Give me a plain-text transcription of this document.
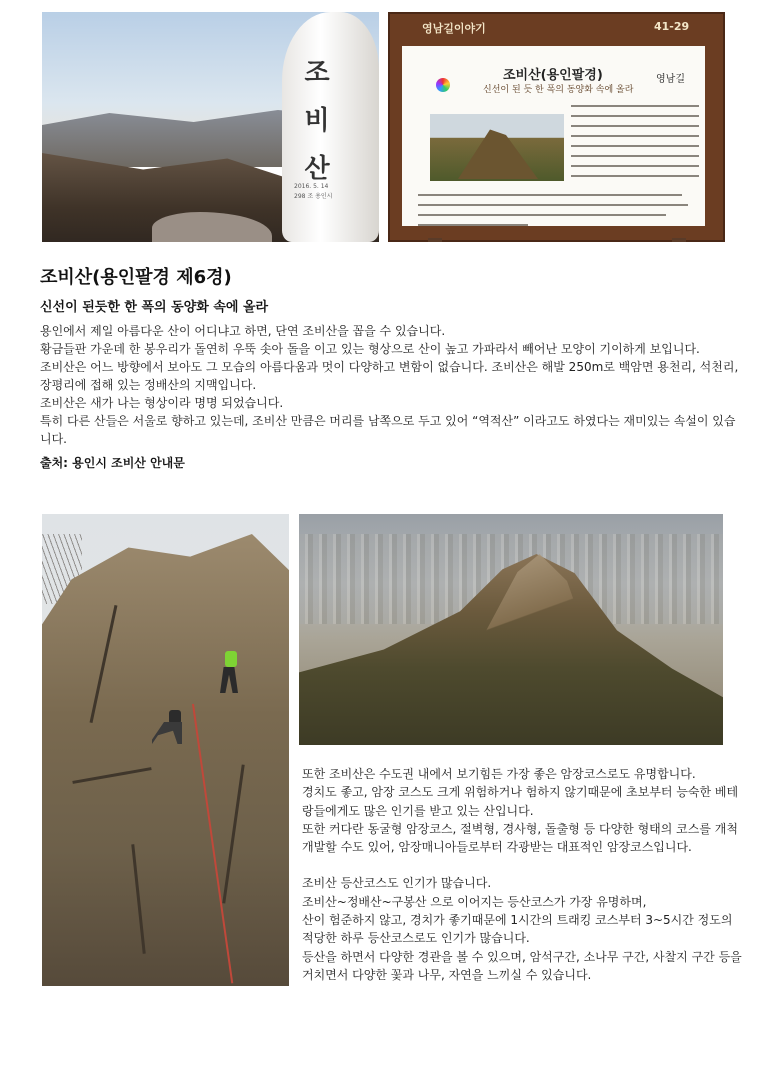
조
비
산
2016. 5. 14
298 조 용인시
영남길이야기	41-29
조비산(용인팔경)
신선이 된 듯 한 폭의 동양화 속에 올라
영남길
조비산(용인팔경 제6경)
신선이 된듯한 한 폭의 동양화 속에 올라

용인에서 제일 아름다운 산이 어디냐고 하면, 단연 조비산을 꼽을 수 있습니다.

황금들판 가운데 한 봉우리가 돌연히 우뚝 솟아 돌을 이고 있는 형상으로 산이 높고 가파라서 빼어난 모양이 기이하게 보입니다.

조비산은 어느 방향에서 보아도 그 모습의 아름다움과 멋이 다양하고 변함이 없습니다. 조비산은 해발 250m로 백암면 용천리, 석천리, 장평리에 접해 있는 정배산의 지맥입니다.

조비산은 새가 나는 형상이라 명명 되었습니다.

특히 다른 산들은 서울로 향하고 있는데, 조비산 만큼은 머리를 남쪽으로 두고 있어 “역적산” 이라고도 하였다는 재미있는 속설이 있습니다.

출처: 용인시 조비산 안내문

또한 조비산은 수도권 내에서 보기힘든 가장 좋은 암장코스로도 유명합니다.

경치도 좋고, 암장 코스도 크게 위험하거나 험하지 않기때문에 초보부터 능숙한 베테랑들에게도 많은 인기를 받고 있는 산입니다.

또한 커다란 동굴형 암장코스, 절벽형, 경사형, 돌출형 등 다양한 형태의 코스를 개척 개발할 수도 있어, 암장매니아들로부터 각광받는 대표적인 암장코스입니다.

조비산 등산코스도 인기가 많습니다.

조비산~정배산~구봉산 으로 이어지는 등산코스가 가장 유명하며,

산이 험준하지 않고, 경치가 좋기때문에 1시간의 트래킹 코스부터 3~5시간 정도의 적당한 하루 등산코스로도 인기가 많습니다.

등산을 하면서 다양한 경관을 볼 수 있으며, 암석구간, 소나무 구간, 사찰지 구간 등을 거치면서 다양한 꽃과 나무, 자연을 느끼실 수 있습니다.
